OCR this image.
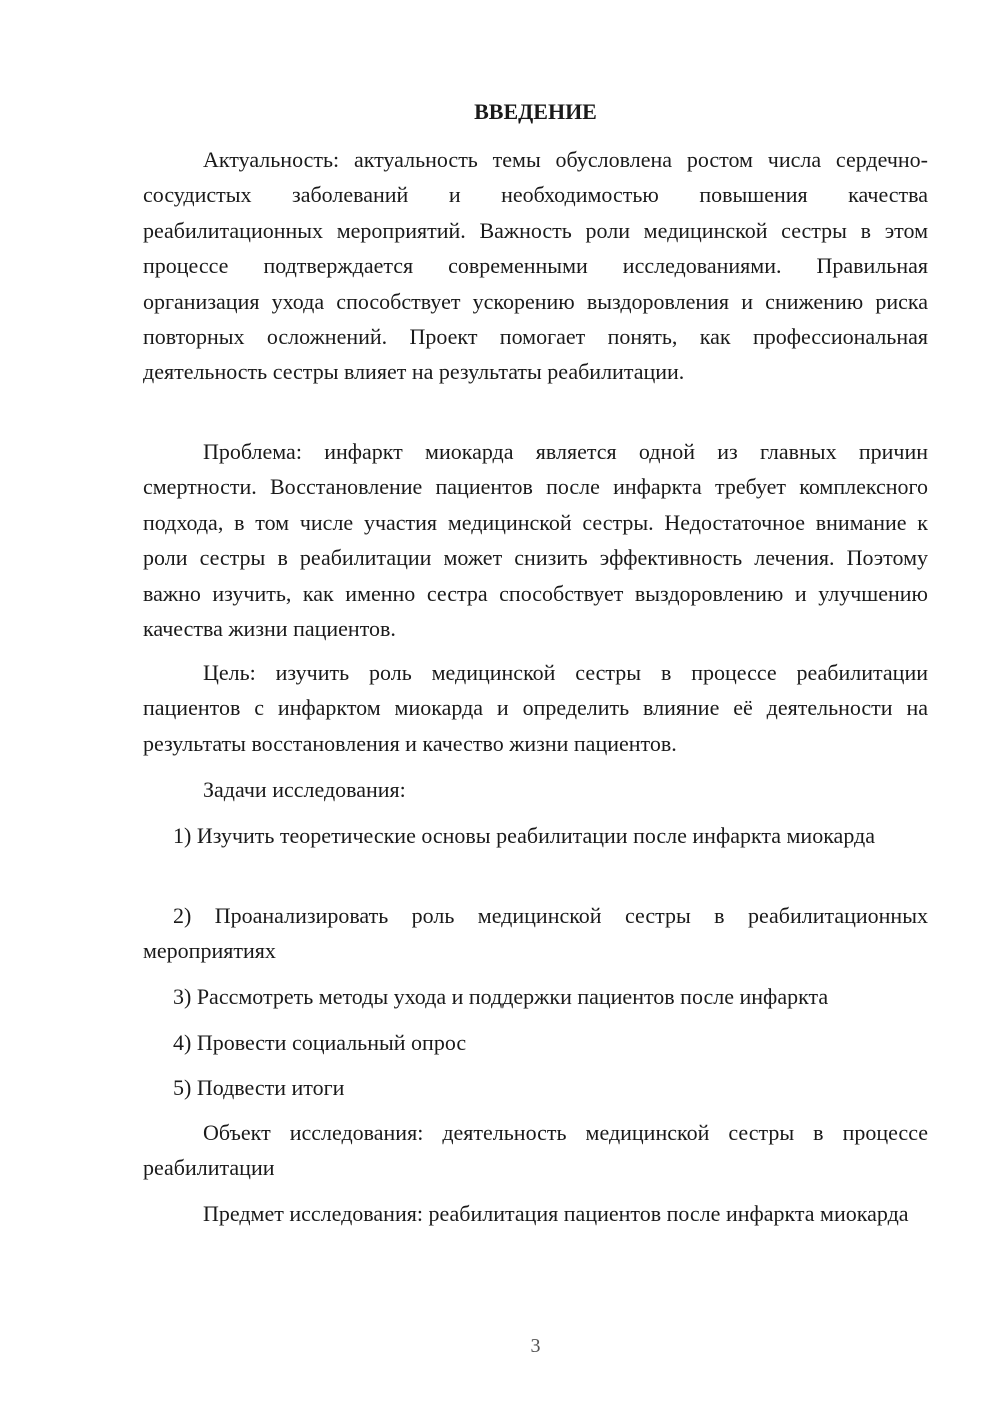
ВВЕДЕНИЕ

Актуальность: актуальность темы обусловлена ростом числа сердечно-сосудистых заболеваний и необходимостью повышения качества реабилитационных мероприятий. Важность роли медицинской сестры в этом процессе подтверждается современными исследованиями. Правильная организация ухода способствует ускорению выздоровления и снижению риска повторных осложнений. Проект помогает понять, как профессиональная деятельность сестры влияет на результаты реабилитации.

Проблема: инфаркт миокарда является одной из главных причин смертности. Восстановление пациентов после инфаркта требует комплексного подхода, в том числе участия медицинской сестры. Недостаточное внимание к роли сестры в реабилитации может снизить эффективность лечения. Поэтому важно изучить, как именно сестра способствует выздоровлению и улучшению качества жизни пациентов.

Цель: изучить роль медицинской сестры в процессе реабилитации пациентов с инфарктом миокарда и определить влияние её деятельности на результаты восстановления и качество жизни пациентов.

Задачи исследования:

1) Изучить теоретические основы реабилитации после инфаркта миокарда

2) Проанализировать роль медицинской сестры в реабилитационных мероприятиях

3) Рассмотреть методы ухода и поддержки пациентов после инфаркта

4) Провести социальный опрос

5) Подвести итоги

Объект исследования: деятельность медицинской сестры в процессе реабилитации

Предмет исследования: реабилитация пациентов после инфаркта миокарда

3
